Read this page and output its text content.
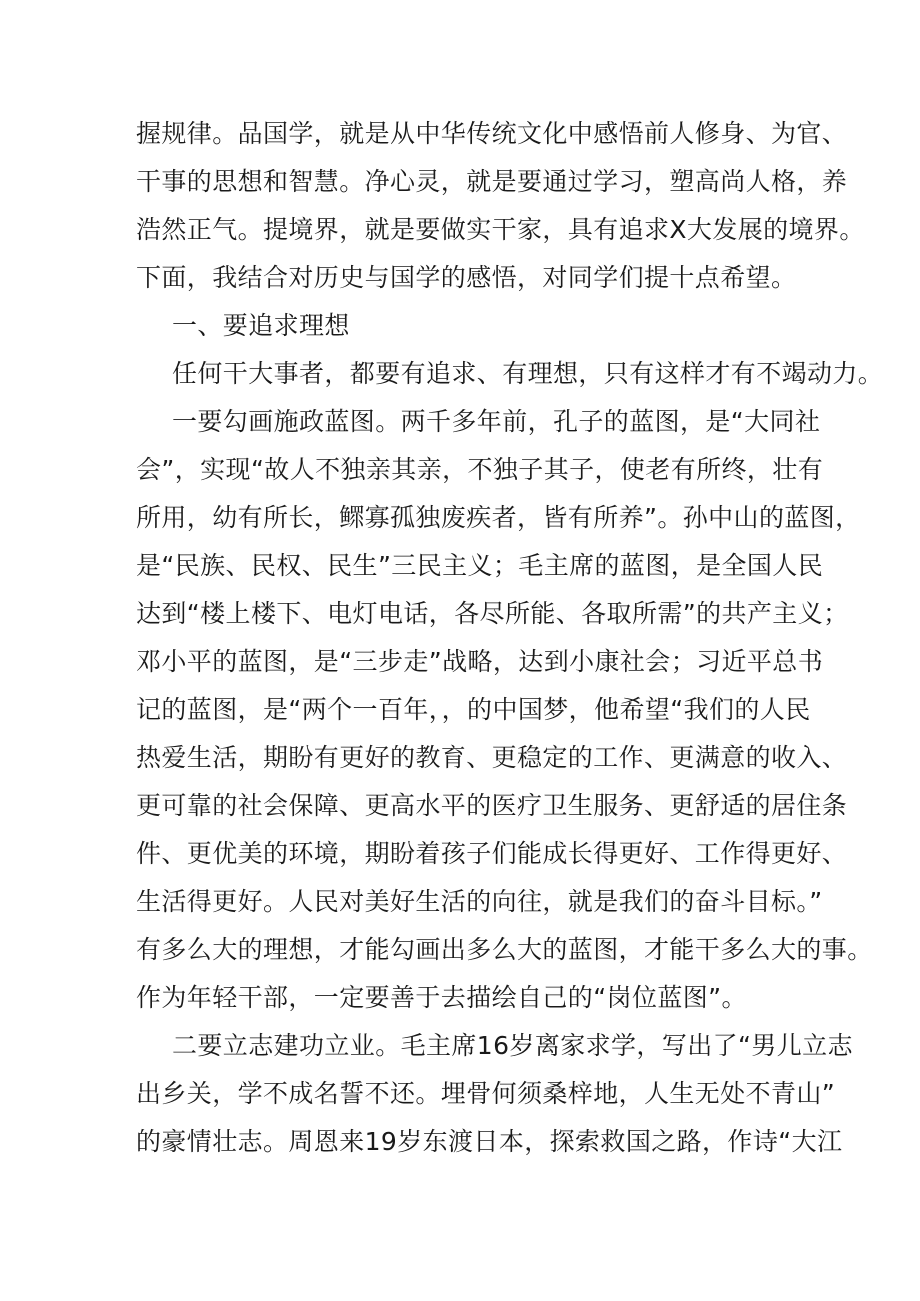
握规律。品国学，就是从中华传统文化中感悟前人修身、为官、
干事的思想和智慧。净心灵，就是要通过学习，塑高尚人格，养
浩然正气。提境界，就是要做实干家，具有追求X大发展的境界。
下面，我结合对历史与国学的感悟，对同学们提十点希望。
一、要追求理想
任何干大事者，都要有追求、有理想，只有这样才有不竭动力。
一要勾画施政蓝图。两千多年前，孔子的蓝图，是“大同社
会”，实现“故人不独亲其亲，不独子其子，使老有所终，壮有
所用，幼有所长，鳏寡孤独废疾者，皆有所养”。孙中山的蓝图，
是“民族、民权、民生”三民主义；毛主席的蓝图，是全国人民
达到“楼上楼下、电灯电话，各尽所能、各取所需”的共产主义；
邓小平的蓝图，是“三步走”战略，达到小康社会；习近平总书
记的蓝图，是“两个一百年，，的中国梦，他希望“我们的人民
热爱生活，期盼有更好的教育、更稳定的工作、更满意的收入、
更可靠的社会保障、更高水平的医疗卫生服务、更舒适的居住条
件、更优美的环境，期盼着孩子们能成长得更好、工作得更好、
生活得更好。人民对美好生活的向往，就是我们的奋斗目标。”
有多么大的理想，才能勾画出多么大的蓝图，才能干多么大的事。
作为年轻干部，一定要善于去描绘自己的“岗位蓝图”。
二要立志建功立业。毛主席16岁离家求学，写出了“男儿立志
出乡关，学不成名誓不还。埋骨何须桑梓地，人生无处不青山”
的豪情壮志。周恩来19岁东渡日本，探索救国之路，作诗“大江
